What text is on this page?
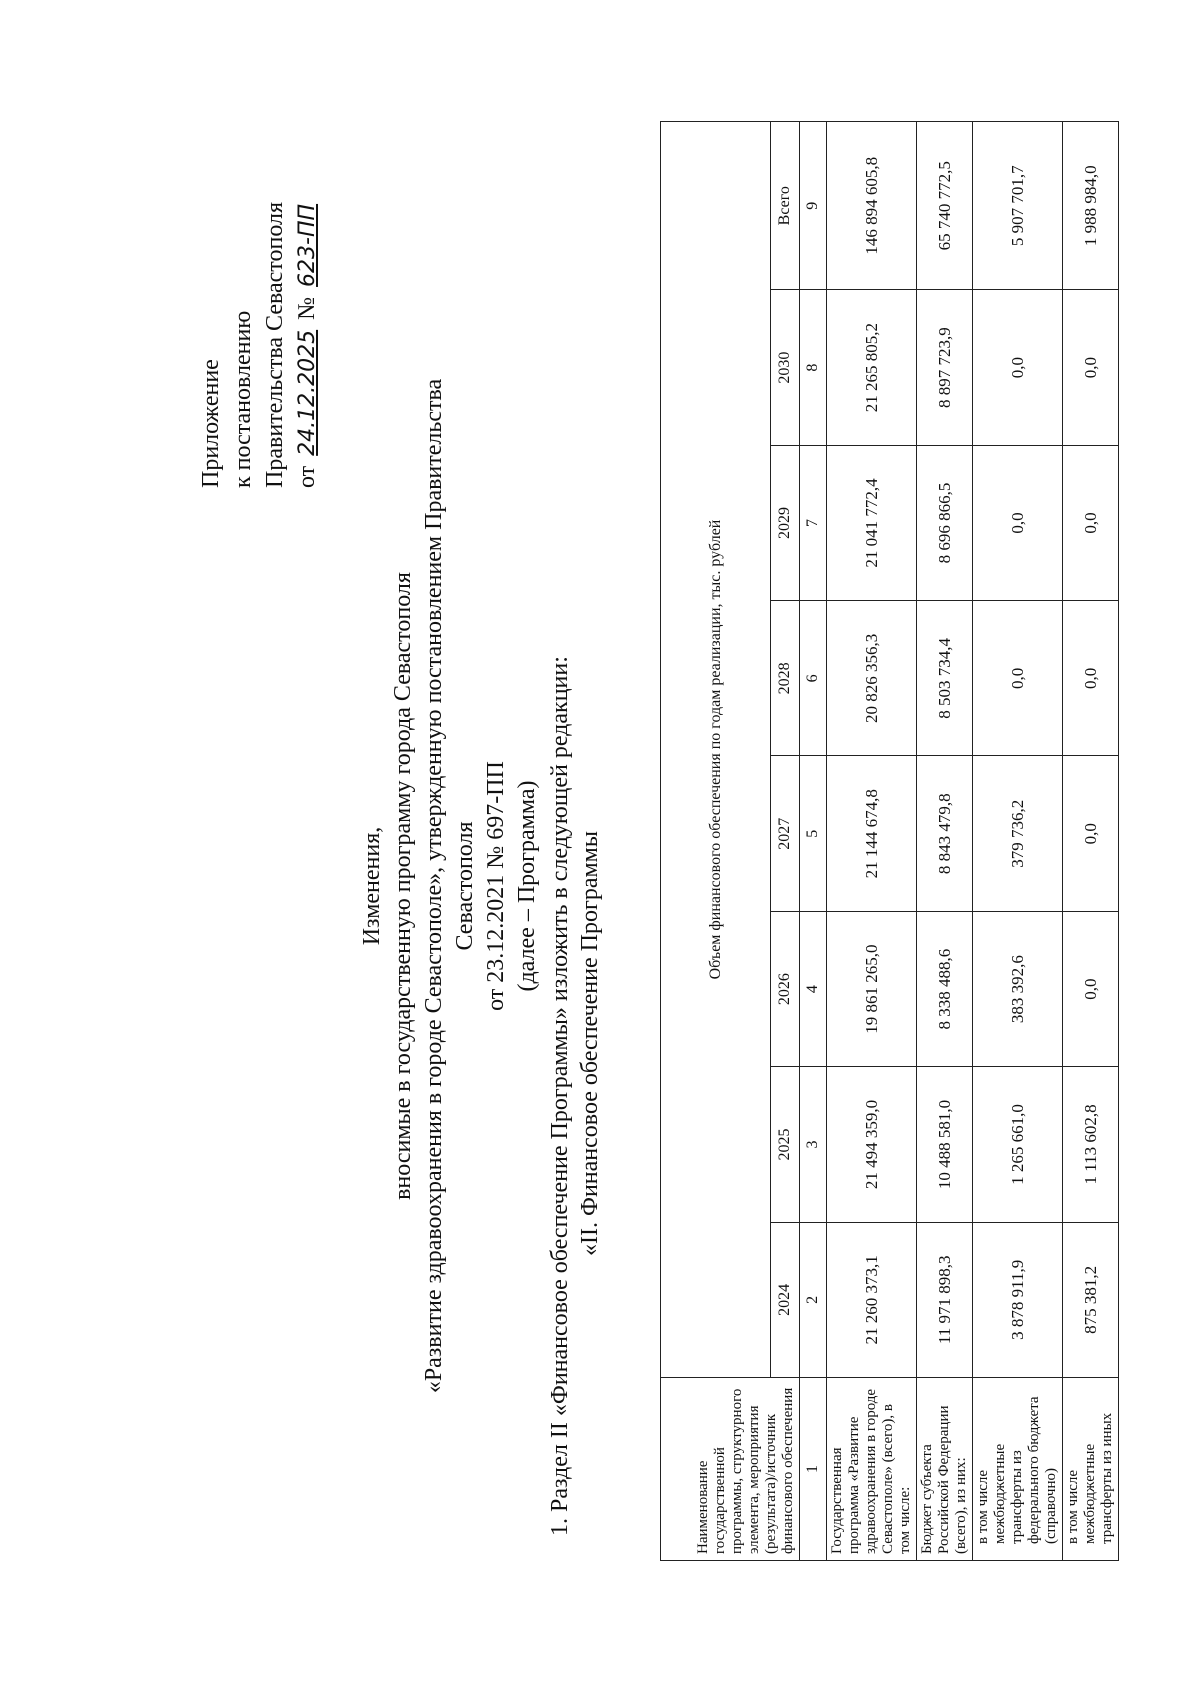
Приложение к постановлению Правительства Севастополя от 24.12.2025 № 623-ПП
Изменения, вносимые в государственную программу города Севастополя «Развитие здравоохранения в городе Севастополе», утвержденную постановлением Правительства Севастополя от 23.12.2021 № 697-ПП (далее – Программа) 1. Раздел II «Финансовое обеспечение Программы» изложить в следующей редакции: «II. Финансовое обеспечение Программы
Наименование государственной программы, структурного элемента, мероприятия (результата)/источник финансового обеспечения	Объем финансового обеспечения по годам реализации, тыс. рублей							
	2024	2025	2026	2027	2028	2029	2030	Всего
1	2	3	4	5	6	7	8	9
Государственная программа «Развитие здравоохранения в городе Севастополе» (всего), в том числе:	21 260 373,1	21 494 359,0	19 861 265,0	21 144 674,8	20 826 356,3	21 041 772,4	21 265 805,2	146 894 605,8
Бюджет субъекта Российской Федерации (всего), из них:	11 971 898,3	10 488 581,0	8 338 488,6	8 843 479,8	8 503 734,4	8 696 866,5	8 897 723,9	65 740 772,5
в том числе межбюджетные трансферты из федерального бюджета (справочно)	3 878 911,9	1 265 661,0	383 392,6	379 736,2	0,0	0,0	0,0	5 907 701,7
в том числе межбюджетные трансферты из иных	875 381,2	1 113 602,8	0,0	0,0	0,0	0,0	0,0	1 988 984,0
